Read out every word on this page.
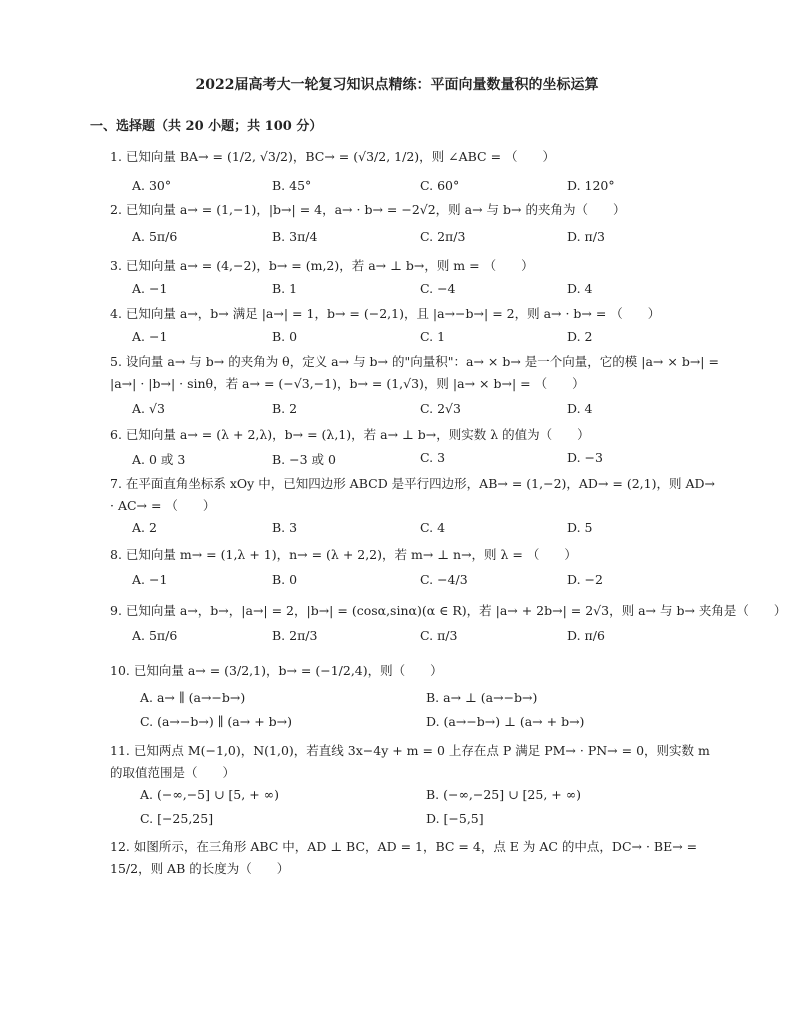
2022届高考大一轮复习知识点精练：平面向量数量积的坐标运算
一、选择题（共 20 小题；共 100 分）
1. 已知向量 BA→ = (1/2, √3/2)，BC→ = (√3/2, 1/2)，则 ∠ABC = （　　）
A. 30°	B. 45°	C. 60°	D. 120°
2. 已知向量 a→ = (1,−1)，|b→| = 4，a→ · b→ = −2√2，则 a→ 与 b→ 的夹角为（　　）
A. 5π/6	B. 3π/4	C. 2π/3	D. π/3
3. 已知向量 a→ = (4,−2)，b→ = (m,2)，若 a→ ⊥ b→，则 m = （　　）
A. −1	B. 1	C. −4	D. 4
4. 已知向量 a→，b→ 满足 |a→| = 1，b→ = (−2,1)，且 |a→−b→| = 2，则 a→ · b→ = （　　）
A. −1	B. 0	C. 1	D. 2
5. 设向量 a→ 与 b→ 的夹角为 θ，定义 a→ 与 b→ 的"向量积"：a→ × b→ 是一个向量，它的模 |a→ × b→| = |a→| · |b→| · sinθ，若 a→ = (−√3,−1)，b→ = (1,√3)，则 |a→ × b→| = （　　）
A. √3	B. 2	C. 2√3	D. 4
6. 已知向量 a→ = (λ + 2,λ)，b→ = (λ,1)，若 a→ ⊥ b→，则实数 λ 的值为（　　）
A. 0 或 3	B. −3 或 0	C. 3	D. −3
7. 在平面直角坐标系 xOy 中，已知四边形 ABCD 是平行四边形，AB→ = (1,−2)，AD→ = (2,1)，则 AD→ · AC→ = （　　）
A. 2	B. 3	C. 4	D. 5
8. 已知向量 m→ = (1,λ + 1)，n→ = (λ + 2,2)，若 m→ ⊥ n→，则 λ = （　　）
A. −1	B. 0	C. −4/3	D. −2
9. 已知向量 a→，b→，|a→| = 2，|b→| = (cosα,sinα)(α ∈ R)，若 |a→ + 2b→| = 2√3，则 a→ 与 b→ 夹角是（　　）
A. 5π/6	B. 2π/3	C. π/3	D. π/6
10. 已知向量 a→ = (3/2,1)，b→ = (−1/2,4)，则（　　）
A. a→ ∥ (a→−b→)	B. a→ ⊥ (a→−b→)
C. (a→−b→) ∥ (a→ + b→)	D. (a→−b→) ⊥ (a→ + b→)
11. 已知两点 M(−1,0)，N(1,0)，若直线 3x−4y + m = 0 上存在点 P 满足 PM→ · PN→ = 0，则实数 m 的取值范围是（　　）
A. (−∞,−5] ∪ [5, + ∞)	B. (−∞,−25] ∪ [25, + ∞)
C. [−25,25]	D. [−5,5]
12. 如图所示，在三角形 ABC 中，AD ⊥ BC，AD = 1，BC = 4，点 E 为 AC 的中点，DC→ · BE→ = 15/2，则 AB 的长度为（　　）
